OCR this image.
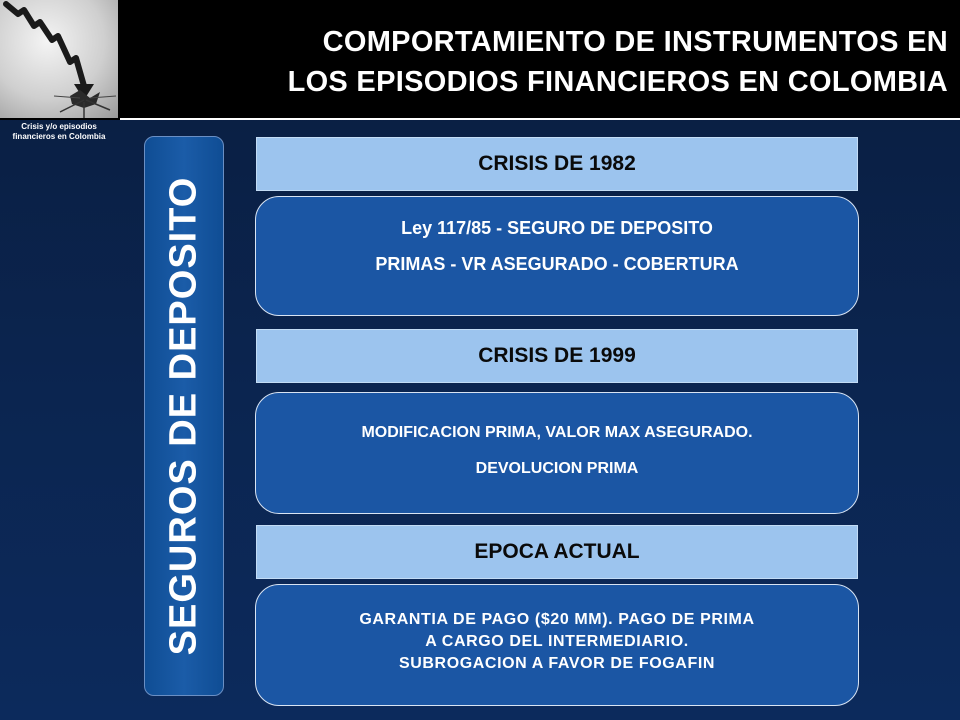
Crisis y/o episodios
financieros en Colombia
COMPORTAMIENTO DE INSTRUMENTOS EN
LOS EPISODIOS FINANCIEROS EN COLOMBIA
SEGUROS DE DEPOSITO
CRISIS DE 1982
Ley 117/85 - SEGURO DE DEPOSITO
PRIMAS - VR ASEGURADO - COBERTURA
CRISIS DE 1999
MODIFICACION PRIMA, VALOR MAX ASEGURADO.
DEVOLUCION PRIMA
EPOCA ACTUAL
GARANTIA DE PAGO ($20 MM). PAGO DE PRIMA
A CARGO DEL INTERMEDIARIO.
SUBROGACION A FAVOR DE FOGAFIN
